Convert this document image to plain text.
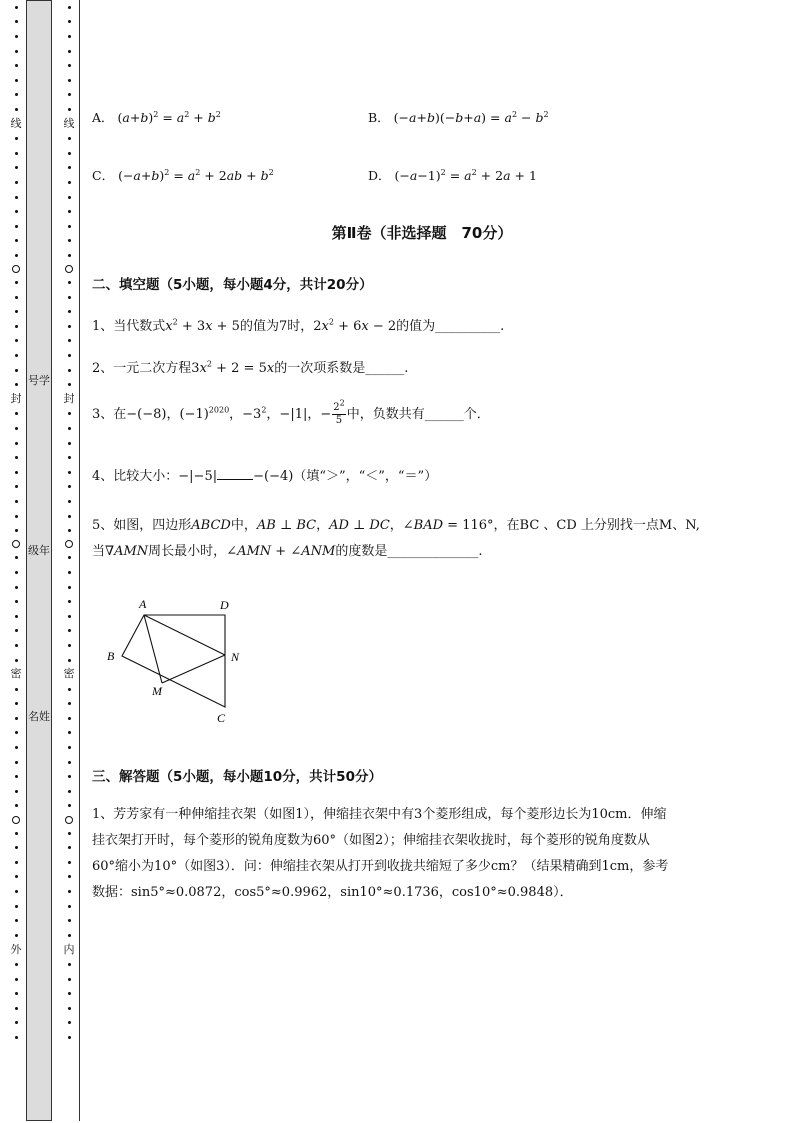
线
封
密
外
线
封
密
内
号学
级年
名姓
A． $(a+b)^2 = a^2 + b^2$	B． $(-a+b)(-b+a) = a^2 - b^2$
C． $(-a+b)^2 = a^2 + 2ab + b^2$	D． $(-a-1)^2 = a^2 + 2a + 1$
第Ⅱ卷（非选择题　70分）
二、填空题（5小题，每小题4分，共计20分）
1、当代数式$x^2 + 3x + 5$的值为7时，$2x^2 + 6x - 2$的值为__________.
2、一元二次方程$3x^2 + 2 = 5x$的一次项系数是______.
3、在−(−8)，$(-1)^{2020}$，$-3^2$，−|1|，− $\frac{2^2}{5}$ 中，负数共有______个．
4、比较大小：−|−5|	−(−4)（填“＞”，“＜”，“＝”）
5、如图，四边形ABCD中，AB ⊥ BC，AD ⊥ DC，∠BAD = 116°，在BC 、CD 上分别找一点M、N,
当∇AMN周长最小时，∠AMN + ∠ANM的度数是______________.
三、解答题（5小题，每小题10分，共计50分）
1、芳芳家有一种伸缩挂衣架（如图1），伸缩挂衣架中有3个菱形组成，每个菱形边长为10cm．伸缩
挂衣架打开时，每个菱形的锐角度数为60°（如图2）；伸缩挂衣架收拢时，每个菱形的锐角度数从
60°缩小为10°（如图3）．问：伸缩挂衣架从打开到收拢共缩短了多少cm？（结果精确到1cm，参考
数据：sin5°≈0.0872，cos5°≈0.9962，sin10°≈0.1736，cos10°≈0.9848）．
A	D
B	N
M
C
